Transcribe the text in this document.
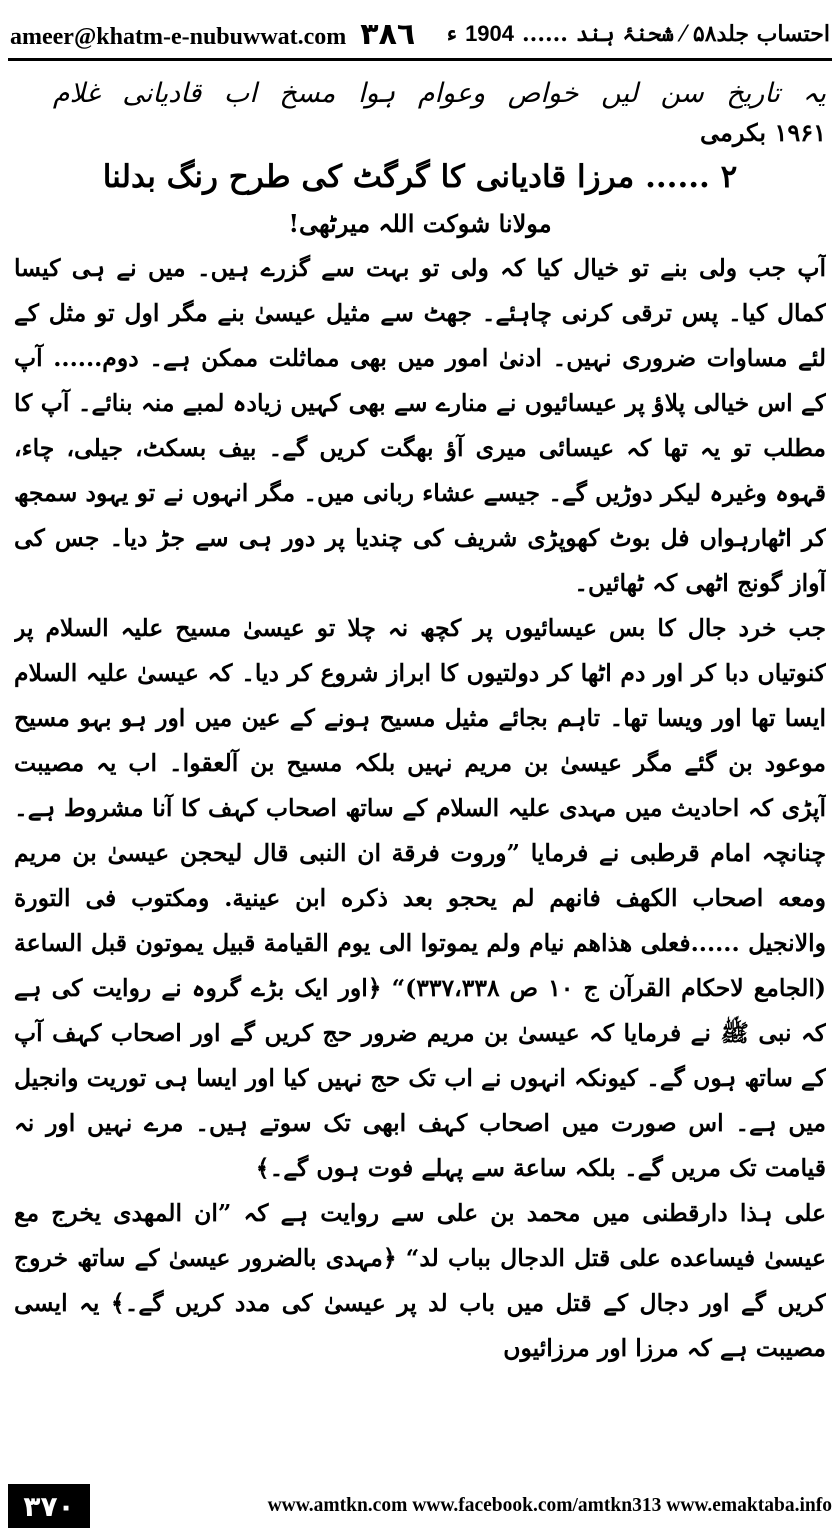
ameer@khatm-e-nubuwwat.com ۳۸٦	احتساب جلد۵۸ ⁄ شحنۂ ہند
......
1904
ء
یہ تاریخ سن لیں خواص وعوام ہوا مسخ اب قادیانی غلام
۱۹۶۱ بکرمی
۲ ...... مرزا قادیانی کا گرگٹ کی طرح رنگ بدلنا
مولانا شوکت اللہ میرٹھی!

آپ جب ولی بنے تو خیال کیا کہ ولی تو بہت سے گزرے ہیں۔ میں نے ہی کیسا کمال کیا۔ پس ترقی کرنی چاہئے۔ جھٹ سے مثیل عیسیٰ بنے مگر اول تو مثل کے لئے مساوات ضروری نہیں۔ ادنیٰ امور میں بھی مماثلت ممکن ہے۔ دوم...... آپ کے اس خیالی پلاؤ پر عیسائیوں نے منارے سے بھی کہیں زیادہ لمبے منہ بنائے۔ آپ کا مطلب تو یہ تھا کہ عیسائی میری آؤ بھگت کریں گے۔ بیف بسکٹ، جیلی، چاء، قہوہ وغیرہ لیکر دوڑیں گے۔ جیسے عشاء ربانی میں۔ مگر انہوں نے تو یہود سمجھ کر اٹھارہواں فل بوٹ کھوپڑی شریف کی چندیا پر دور ہی سے جڑ دیا۔ جس کی آواز گونج اٹھی کہ ٹھائیں۔

جب خرد جال کا بس عیسائیوں پر کچھ نہ چلا تو عیسیٰ مسیح علیہ السلام پر کنوتیاں دبا کر اور دم اٹھا کر دولتیوں کا ابراز شروع کر دیا۔ کہ عیسیٰ علیہ السلام ایسا تھا اور ویسا تھا۔ تاہم بجائے مثیل مسیح ہونے کے عین میں اور ہو بہو مسیح موعود بن گئے مگر عیسیٰ بن مریم نہیں بلکہ مسیح بن آلعقوا۔ اب یہ مصیبت آپڑی کہ احادیث میں مہدی علیہ السلام کے ساتھ اصحاب کہف کا آنا مشروط ہے۔ چنانچہ امام قرطبی نے فرمایا ”وروت فرقة ان النبی قال لیحجن عیسیٰ بن مریم ومعه اصحاب الکهف فانهم لم یحجو بعد ذکره ابن عینیة. ومکتوب فی التورة والانجیل ......فعلی هذاهم نیام ولم یموتوا الی یوم القیامة قبیل یموتون قبل الساعة (الجامع لاحکام القرآن ج ۱۰ ص ۳۳۷،۳۳۸)“ ﴿اور ایک بڑے گروہ نے روایت کی ہے کہ نبی ﷺ نے فرمایا کہ عیسیٰ بن مریم ضرور حج کریں گے اور اصحاب کہف آپ کے ساتھ ہوں گے۔ کیونکہ انہوں نے اب تک حج نہیں کیا اور ایسا ہی توریت وانجیل میں ہے۔ اس صورت میں اصحاب کہف ابھی تک سوتے ہیں۔ مرے نہیں اور نہ قیامت تک مریں گے۔ بلکہ ساعة سے پہلے فوت ہوں گے۔﴾

علی ہذا دارقطنی میں محمد بن علی سے روایت ہے کہ ”ان المهدی یخرج مع عیسیٰ فیساعده علی قتل الدجال بباب لد“ ﴿مہدی بالضرور عیسیٰ کے ساتھ خروج کریں گے اور دجال کے قتل میں باب لد پر عیسیٰ کی مدد کریں گے۔﴾ یہ ایسی مصیبت ہے کہ مرزا اور مرزائیوں

۳۷۰	www.amtkn.com www.facebook.com/amtkn313 www.emaktaba.info
